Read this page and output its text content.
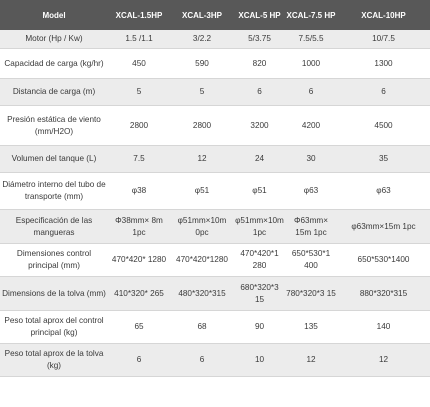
Model	XCAL-1.5HP	XCAL-3HP	XCAL-5 HP	XCAL-7.5 HP	XCAL-10HP
Motor (Hp / Kw)	1.5 /1.1	3/2.2	5/3.75	7.5/5.5	10/7.5
Capacidad de carga (kg/hr)	450	590	820	1000	1300
Distancia de carga (m)	5	5	6	6	6
Presión estática de viento (mm/H2O)	2800	2800	3200	4200	4500
Volumen del tanque (L)	7.5	12	24	30	35
Diámetro interno del tubo de transporte (mm)	φ38	φ51	φ51	φ63	φ63
Especificación de las mangueras	Φ38mm× 8m 1pc	φ51mm×10m 0pc	φ51mm×10m 1pc	Φ63mm× 15m 1pc	φ63mm×15m 1pc
Dimensiones control principal (mm)	470*420* 1280	470*420*1280	470*420*1 280	650*530*1 400	650*530*1400
Dimensions de la tolva (mm)	410*320* 265	480*320*315	680*320*3 15	780*320*3 15	880*320*315
Peso total aprox del control principal (kg)	65	68	90	135	140
Peso total aprox de la tolva (kg)	6	6	10	12	12
